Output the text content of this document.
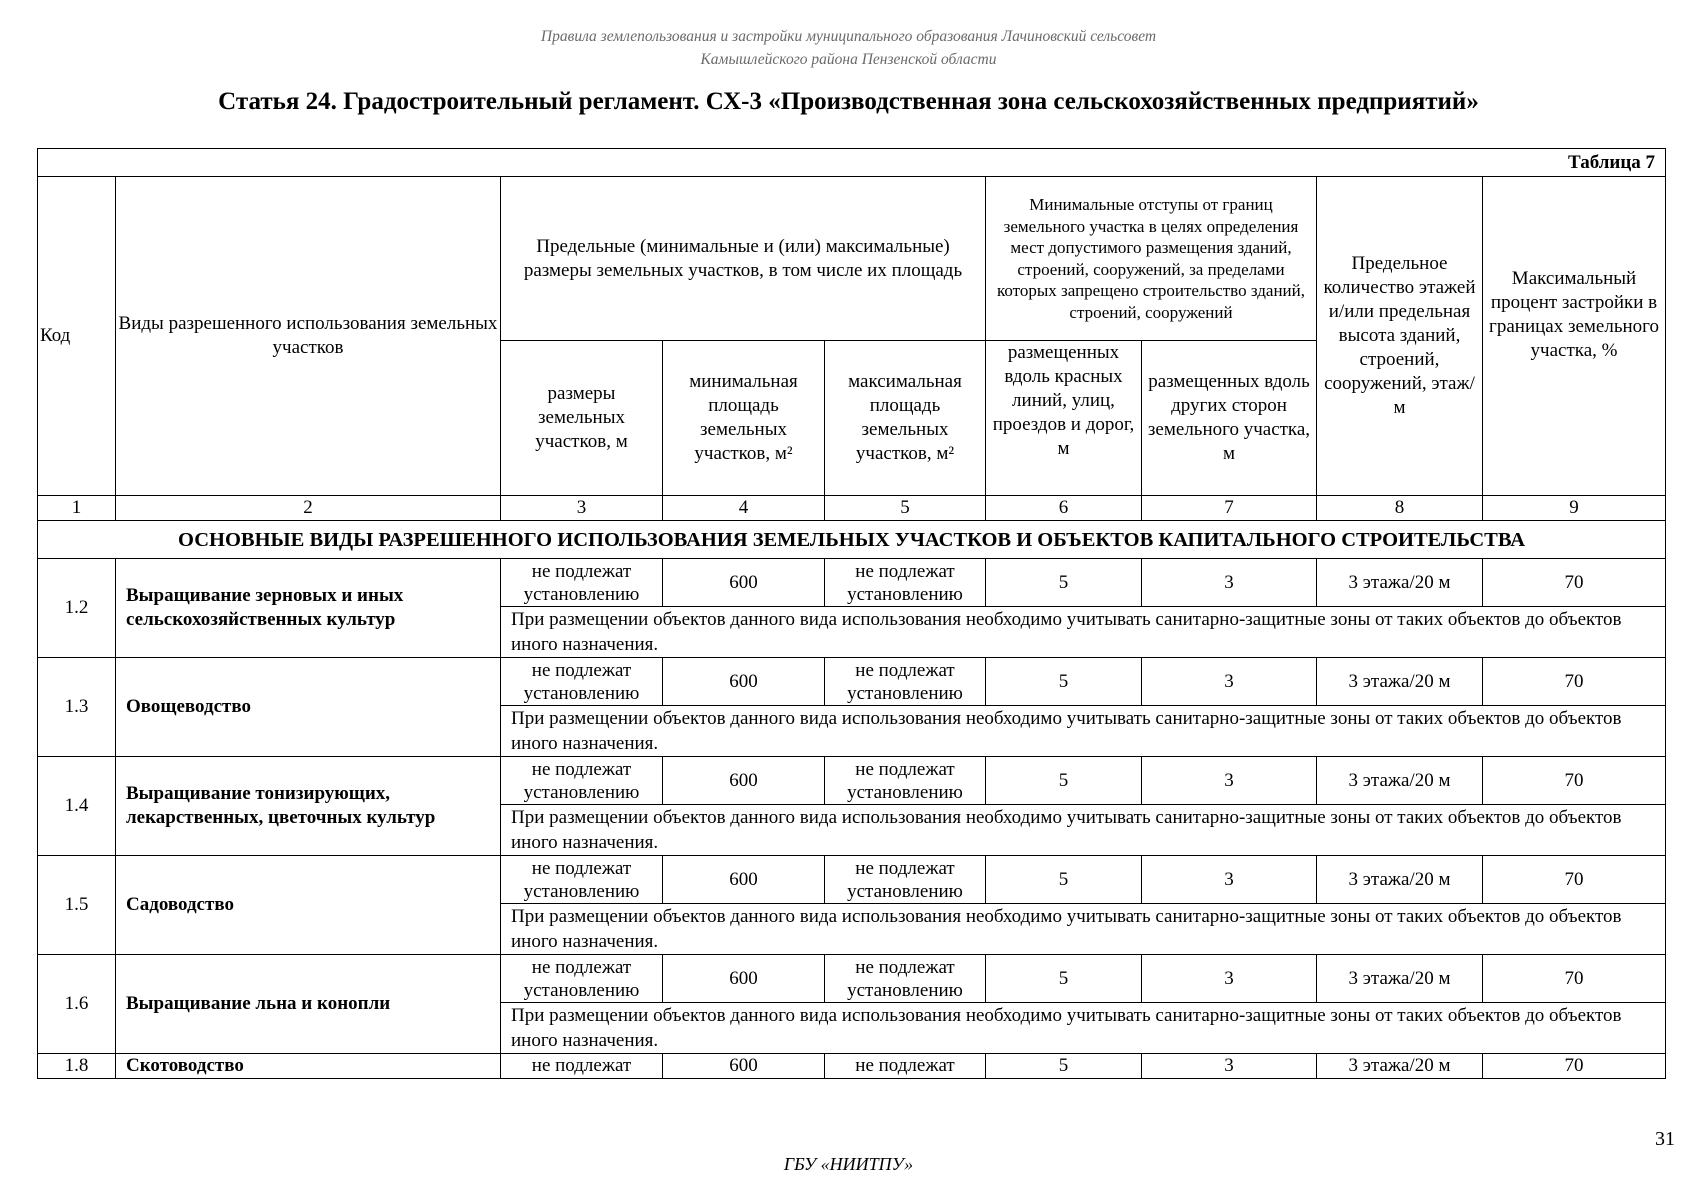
Правила землепользования и застройки муниципального образования Лачиновский сельсовет
Камышлейского района Пензенской области
Статья 24. Градостроительный регламент. СХ-3 «Производственная зона сельскохозяйственных предприятий»
Таблица 7								
Код	Виды разрешенного использования земельных участков	Предельные (минимальные и (или) максимальные) размеры земельных участков, в том числе их площадь			Минимальные отступы от границ земельного участка в целях определения мест допустимого размещения зданий, строений, сооружений, за пределами которых запрещено строительство зданий, строений, сооружений		Предельное количество этажей и/или предельная высота зданий, строений, сооружений, этаж/м	Максимальный процент застройки в границах земельного участка, %
		размеры земельных участков, м	минимальная площадь земельных участков, м²	максимальная площадь земельных участков, м²	размещенных вдоль красных линий, улиц, проездов и дорог, м	размещенных вдоль других сторон земельного участка, м		
1	2	3	4	5	6	7	8	9
ОСНОВНЫЕ ВИДЫ РАЗРЕШЕННОГО ИСПОЛЬЗОВАНИЯ ЗЕМЕЛЬНЫХ УЧАСТКОВ И ОБЪЕКТОВ КАПИТАЛЬНОГО СТРОИТЕЛЬСТВА								
1.2	Выращивание зерновых и иных сельскохозяйственных культур	не подлежат установлению	600	не подлежат установлению	5	3	3 этажа/20 м	70
		При размещении объектов данного вида использования необходимо учитывать санитарно-защитные зоны от таких объектов до объектов иного назначения.						
1.3	Овощеводство	не подлежат установлению	600	не подлежат установлению	5	3	3 этажа/20 м	70
		При размещении объектов данного вида использования необходимо учитывать санитарно-защитные зоны от таких объектов до объектов иного назначения.						
1.4	Выращивание тонизирующих, лекарственных, цветочных культур	не подлежат установлению	600	не подлежат установлению	5	3	3 этажа/20 м	70
		При размещении объектов данного вида использования необходимо учитывать санитарно-защитные зоны от таких объектов до объектов иного назначения.						
1.5	Садоводство	не подлежат установлению	600	не подлежат установлению	5	3	3 этажа/20 м	70
		При размещении объектов данного вида использования необходимо учитывать санитарно-защитные зоны от таких объектов до объектов иного назначения.						
1.6	Выращивание льна и конопли	не подлежат установлению	600	не подлежат установлению	5	3	3 этажа/20 м	70
		При размещении объектов данного вида использования необходимо учитывать санитарно-защитные зоны от таких объектов до объектов иного назначения.						
1.8	Скотоводство	не подлежат	600	не подлежат	5	3	3 этажа/20 м	70
31
ГБУ «НИИТПУ»
